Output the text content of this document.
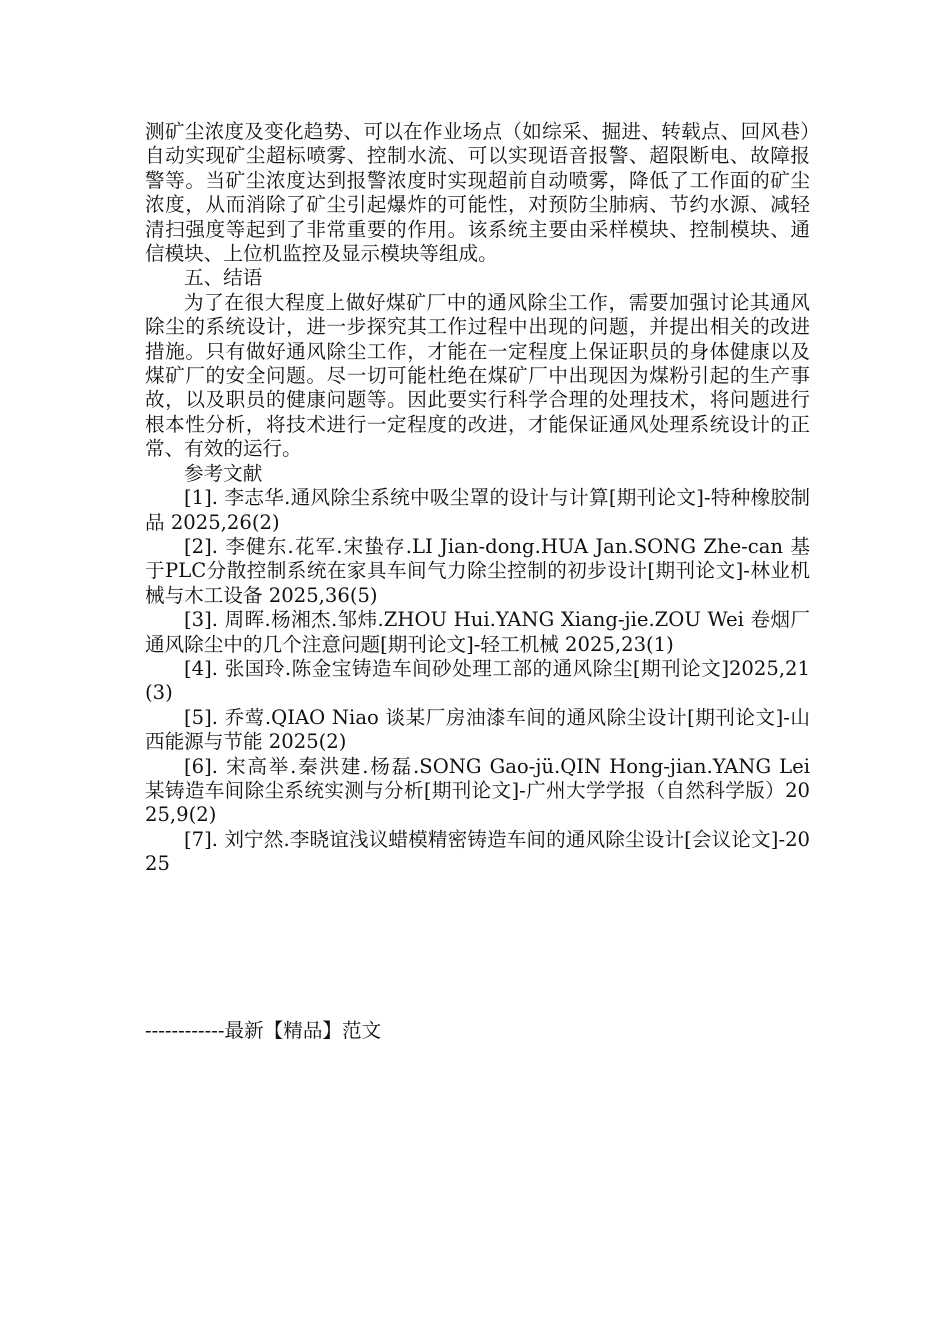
测矿尘浓度及变化趋势、可以在作业场点（如综采、掘进、转载点、回风巷）自动实现矿尘超标喷雾、控制水流、可以实现语音报警、超限断电、故障报警等。当矿尘浓度达到报警浓度时实现超前自动喷雾，降低了工作面的矿尘浓度，从而消除了矿尘引起爆炸的可能性，对预防尘肺病、节约水源、减轻清扫强度等起到了非常重要的作用。该系统主要由采样模块、控制模块、通信模块、上位机监控及显示模块等组成。

五、结语

为了在很大程度上做好煤矿厂中的通风除尘工作，需要加强讨论其通风除尘的系统设计，进一步探究其工作过程中出现的问题，并提出相关的改进措施。只有做好通风除尘工作，才能在一定程度上保证职员的身体健康以及煤矿厂的安全问题。尽一切可能杜绝在煤矿厂中出现因为煤粉引起的生产事故，以及职员的健康问题等。因此要实行科学合理的处理技术，将问题进行根本性分析，将技术进行一定程度的改进，才能保证通风处理系统设计的正常、有效的运行。

参考文献

[1]. 李志华.通风除尘系统中吸尘罩的设计与计算[期刊论文]-特种橡胶制品 2025,26(2)

[2]. 李健东.花军.宋蛰存.LI Jian-dong.HUA Jan.SONG Zhe-can 基于PLC分散控制系统在家具车间气力除尘控制的初步设计[期刊论文]-林业机械与木工设备 2025,36(5)

[3]. 周晖.杨湘杰.邹炜.ZHOU Hui.YANG Xiang-jie.ZOU Wei 卷烟厂通风除尘中的几个注意问题[期刊论文]-轻工机械 2025,23(1)

[4]. 张国玲.陈金宝铸造车间砂处理工部的通风除尘[期刊论文]2025,21(3)

[5]. 乔莺.QIAO Niao 谈某厂房油漆车间的通风除尘设计[期刊论文]-山西能源与节能 2025(2)

[6]. 宋高举.秦洪建.杨磊.SONG Gao-jü.QIN Hong-jian.YANG Lei 某铸造车间除尘系统实测与分析[期刊论文]-广州大学学报（自然科学版）2025,9(2)

[7]. 刘宁然.李晓谊浅议蜡模精密铸造车间的通风除尘设计[会议论文]-2025

------------最新【精品】范文
